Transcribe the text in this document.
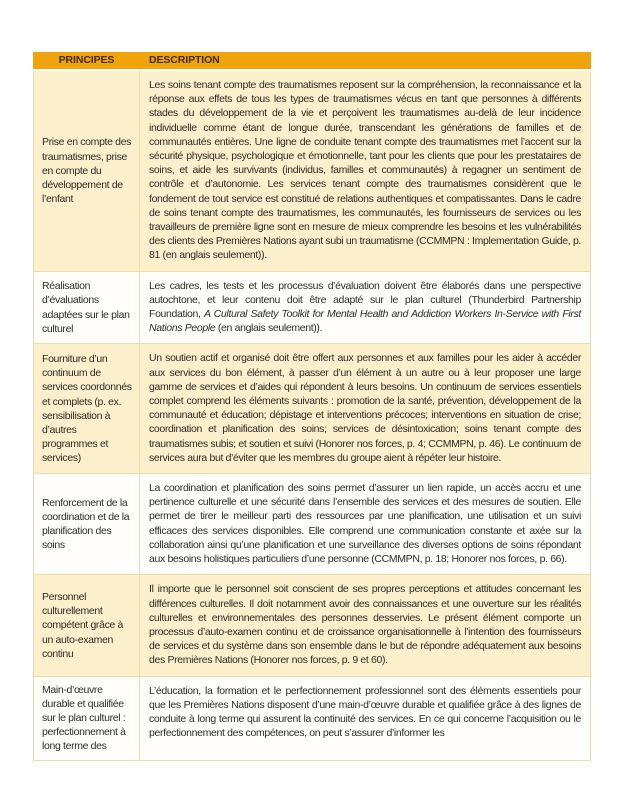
PRINCIPES	DESCRIPTION
Prise en compte des traumatismes, prise en compte du développement de l’enfant	Les soins tenant compte des traumatismes reposent sur la compréhension, la reconnaissance et la réponse aux effets de tous les types de traumatismes vécus en tant que personnes à différents stades du développement de la vie et perçoivent les traumatismes au-delà de leur incidence individuelle comme étant de longue durée, transcendant les générations de familles et de communautés entières. Une ligne de conduite tenant compte des traumatismes met l’accent sur la sécurité physique, psychologique et émotionnelle, tant pour les clients que pour les prestataires de soins, et aide les survivants (individus, familles et communautés) à regagner un sentiment de contrôle et d’autonomie. Les services tenant compte des traumatismes considèrent que le fondement de tout service est constitué de relations authentiques et compatissantes. Dans le cadre de soins tenant compte des traumatismes, les communautés, les fournisseurs de services ou les travailleurs de première ligne sont en mesure de mieux comprendre les besoins et les vulnérabilités des clients des Premières Nations ayant subi un traumatisme (CCMMPN : Implementation Guide, p. 81 (en anglais seulement)).
Réalisation d’évaluations adaptées sur le plan culturel	Les cadres, les tests et les processus d’évaluation doivent être élaborés dans une perspective autochtone, et leur contenu doit être adapté sur le plan culturel (Thunderbird Partnership Foundation, A Cultural Safety Toolkit for Mental Health and Addiction Workers In-Service with First Nations People (en anglais seulement)).
Fourniture d’un continuum de services coordonnés et complets (p. ex. sensibilisation à d’autres programmes et services)	Un soutien actif et organisé doit être offert aux personnes et aux familles pour les aider à accéder aux services du bon élément, à passer d’un élément à un autre ou à leur proposer une large gamme de services et d’aides qui répondent à leurs besoins. Un continuum de services essentiels complet comprend les éléments suivants : promotion de la santé, prévention, développement de la communauté et éducation; dépistage et interventions précoces; interventions en situation de crise; coordination et planification des soins; services de désintoxication; soins tenant compte des traumatismes subis; et soutien et suivi (Honorer nos forces, p. 4; CCMMPN, p. 46). Le continuum de services aura but d’éviter que les membres du groupe aient à répéter leur histoire.
Renforcement de la coordination et de la planification des soins	La coordination et planification des soins permet d’assurer un lien rapide, un accès accru et une pertinence culturelle et une sécurité dans l’ensemble des services et des mesures de soutien. Elle permet de tirer le meilleur parti des ressources par une planification, une utilisation et un suivi efficaces des services disponibles. Elle comprend une communication constante et axée sur la collaboration ainsi qu’une planification et une surveillance des diverses options de soins répondant aux besoins holistiques particuliers d’une personne (CCMMPN, p. 18; Honorer nos forces, p. 66).
Personnel culturellement compétent grâce à un auto-examen continu	Il importe que le personnel soit conscient de ses propres perceptions et attitudes concernant les différences culturelles. Il doit notamment avoir des connaissances et une ouverture sur les réalités culturelles et environnementales des personnes desservies. Le présent élément comporte un processus d’auto-examen continu et de croissance organisationnelle à l’intention des fournisseurs de services et du système dans son ensemble dans le but de répondre adéquatement aux besoins des Premières Nations (Honorer nos forces, p. 9 et 60).
Main-d’œuvre durable et qualifiée sur le plan culturel : perfectionnement à long terme des	L’éducation, la formation et le perfectionnement professionnel sont des éléments essentiels pour que les Premières Nations disposent d’une main-d’œuvre durable et qualifiée grâce à des lignes de conduite à long terme qui assurent la continuité des services. En ce qui concerne l’acquisition ou le perfectionnement des compétences, on peut s’assurer d’informer les
